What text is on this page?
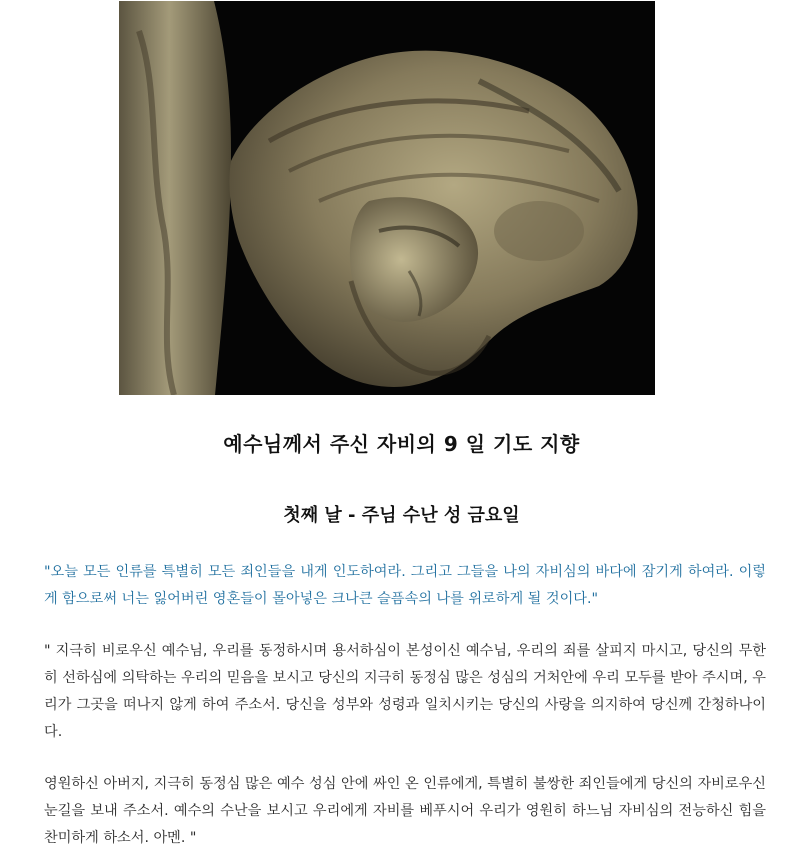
예수님께서 주신 자비의 9 일 기도 지향
첫째 날 - 주님 수난 성 금요일

"오늘 모든 인류를 특별히 모든 죄인들을 내게 인도하여라. 그리고 그들을 나의 자비심의 바다에 잠기게 하여라. 이렇게 함으로써 너는 잃어버린 영혼들이 몰아넣은 크나큰 슬픔속의 나를 위로하게 될 것이다."

" 지극히 비로우신 예수님, 우리를 동정하시며 용서하심이 본성이신 예수님, 우리의 죄를 살피지 마시고, 당신의 무한히 선하심에 의탁하는 우리의 믿음을 보시고 당신의 지극히 동정심 많은 성심의 거처안에 우리 모두를 받아 주시며, 우리가 그곳을 떠나지 않게 하여 주소서. 당신을 성부와 성령과 일치시키는 당신의 사랑을 의지하여 당신께 간청하나이다.

영원하신 아버지, 지극히 동정심 많은 예수 성심 안에 싸인 온 인류에게, 특별히 불쌍한 죄인들에게 당신의 자비로우신 눈길을 보내 주소서. 예수의 수난을 보시고 우리에게 자비를 베푸시어 우리가 영원히 하느님 자비심의 전능하신 힘을 찬미하게 하소서. 아멘. "
